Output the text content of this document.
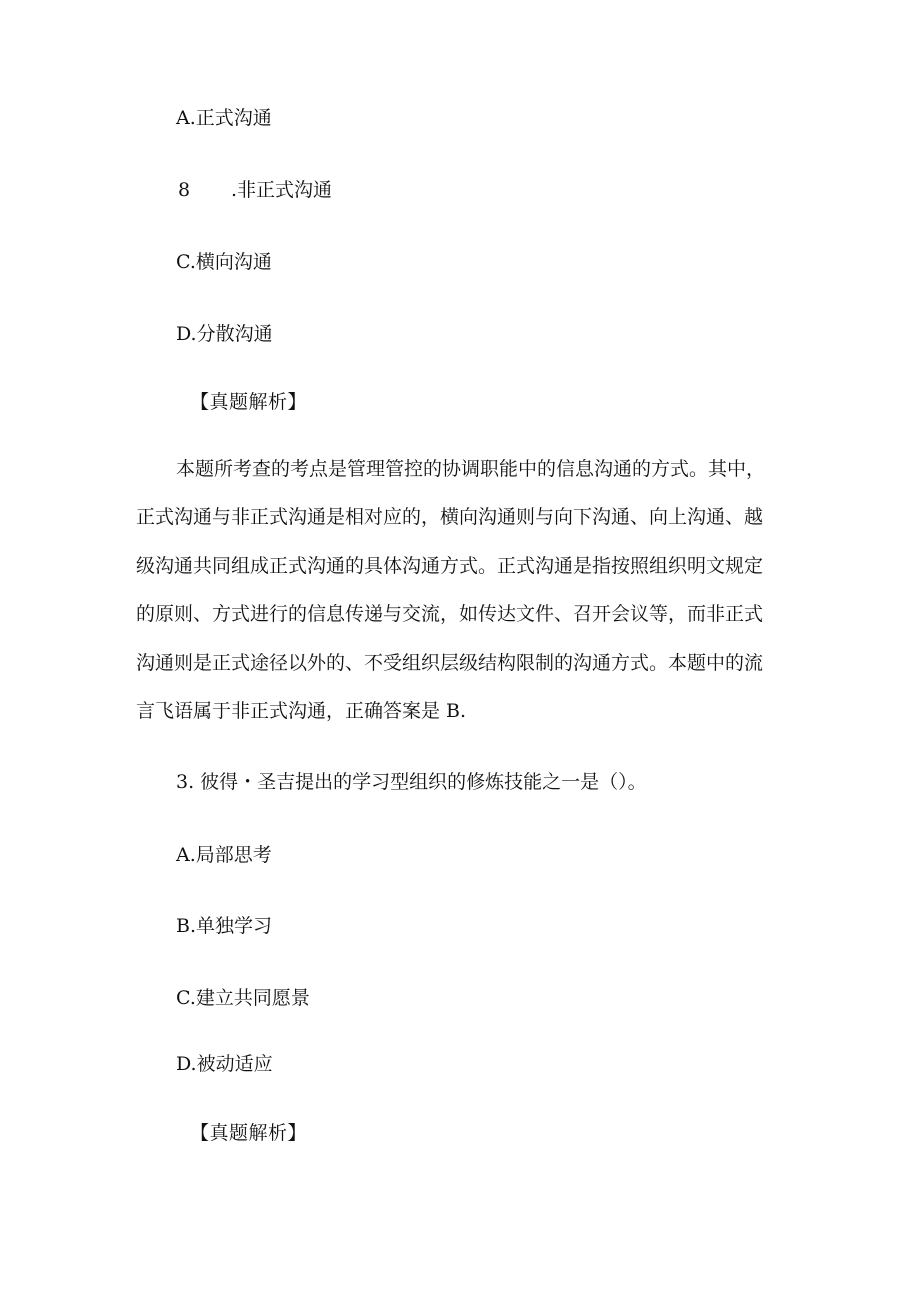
A.正式沟通
8 .非正式沟通
C.横向沟通
D.分散沟通
【真题解析】

本题所考查的考点是管理管控的协调职能中的信息沟通的方式。其中，

正式沟通与非正式沟通是相对应的，横向沟通则与向下沟通、向上沟通、越

级沟通共同组成正式沟通的具体沟通方式。正式沟通是指按照组织明文规定

的原则、方式进行的信息传递与交流，如传达文件、召开会议等，而非正式

沟通则是正式途径以外的、不受组织层级结构限制的沟通方式。本题中的流

言飞语属于非正式沟通，正确答案是 B.

3. 彼得・圣吉提出的学习型组织的修炼技能之一是（）。
A.局部思考
B.单独学习
C.建立共同愿景
D.被动适应
【真题解析】
